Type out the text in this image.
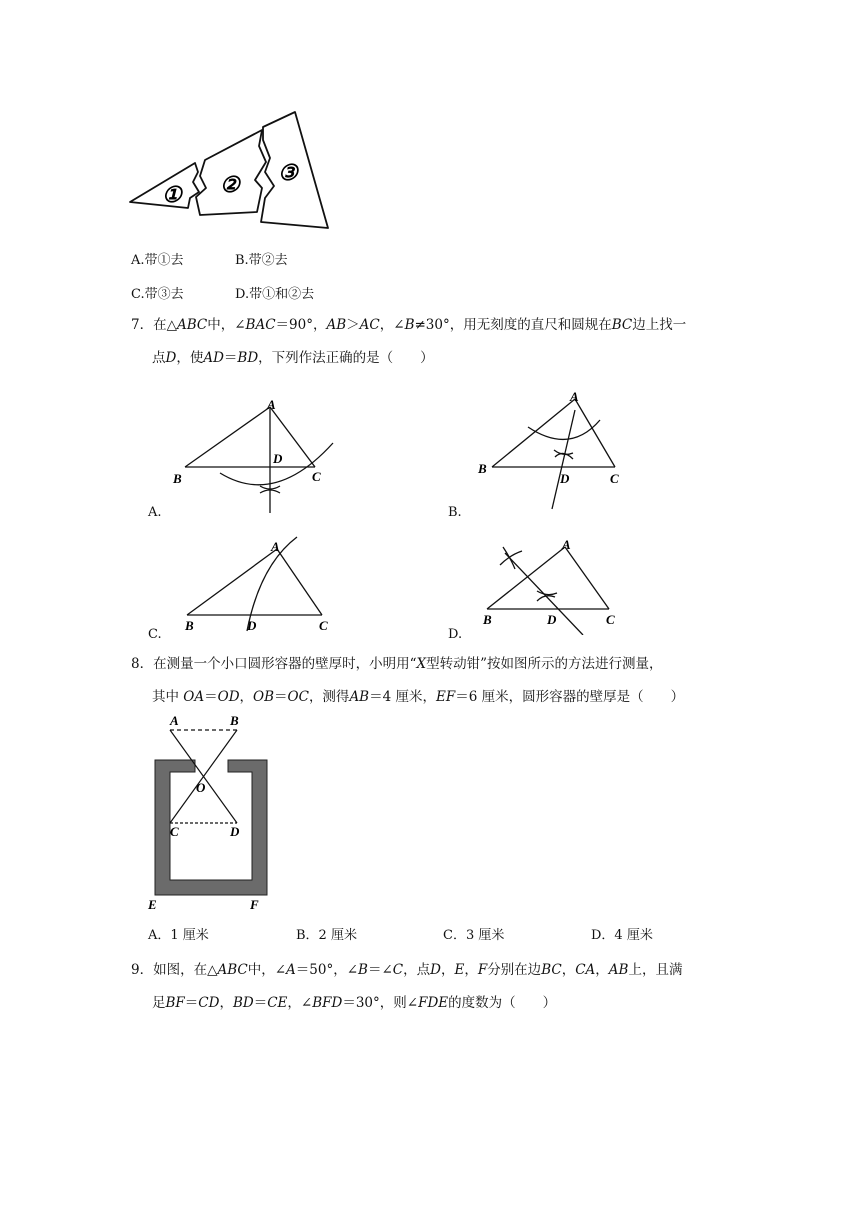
① ② ③
A.带①去	B.带②去
C.带③去	D.带①和②去
7．在△ABC中，∠BAC＝90°，AB＞AC，∠B≠30°，用无刻度的直尺和圆规在BC边上找一
点D，使AD＝BD，下列作法正确的是（　　）
A
B	C
D
A.
A
B
C
D
B.
A
B	C
D
C.
A
B	C
D
D.
8．在测量一个小口圆形容器的壁厚时，小明用“X型转动钳”按如图所示的方法进行测量，
其中 OA＝OD，OB＝OC，测得AB＝4 厘米，EF＝6 厘米，圆形容器的壁厚是（　　）
A	B
O
C	D
E	F
A．1 厘米	B．2 厘米	C．3 厘米	D．4 厘米
9．如图，在△ABC中，∠A＝50°，∠B＝∠C，点D，E，F分别在边BC，CA，AB上，且满
足BF＝CD，BD＝CE，∠BFD＝30°，则∠FDE的度数为（　　）
